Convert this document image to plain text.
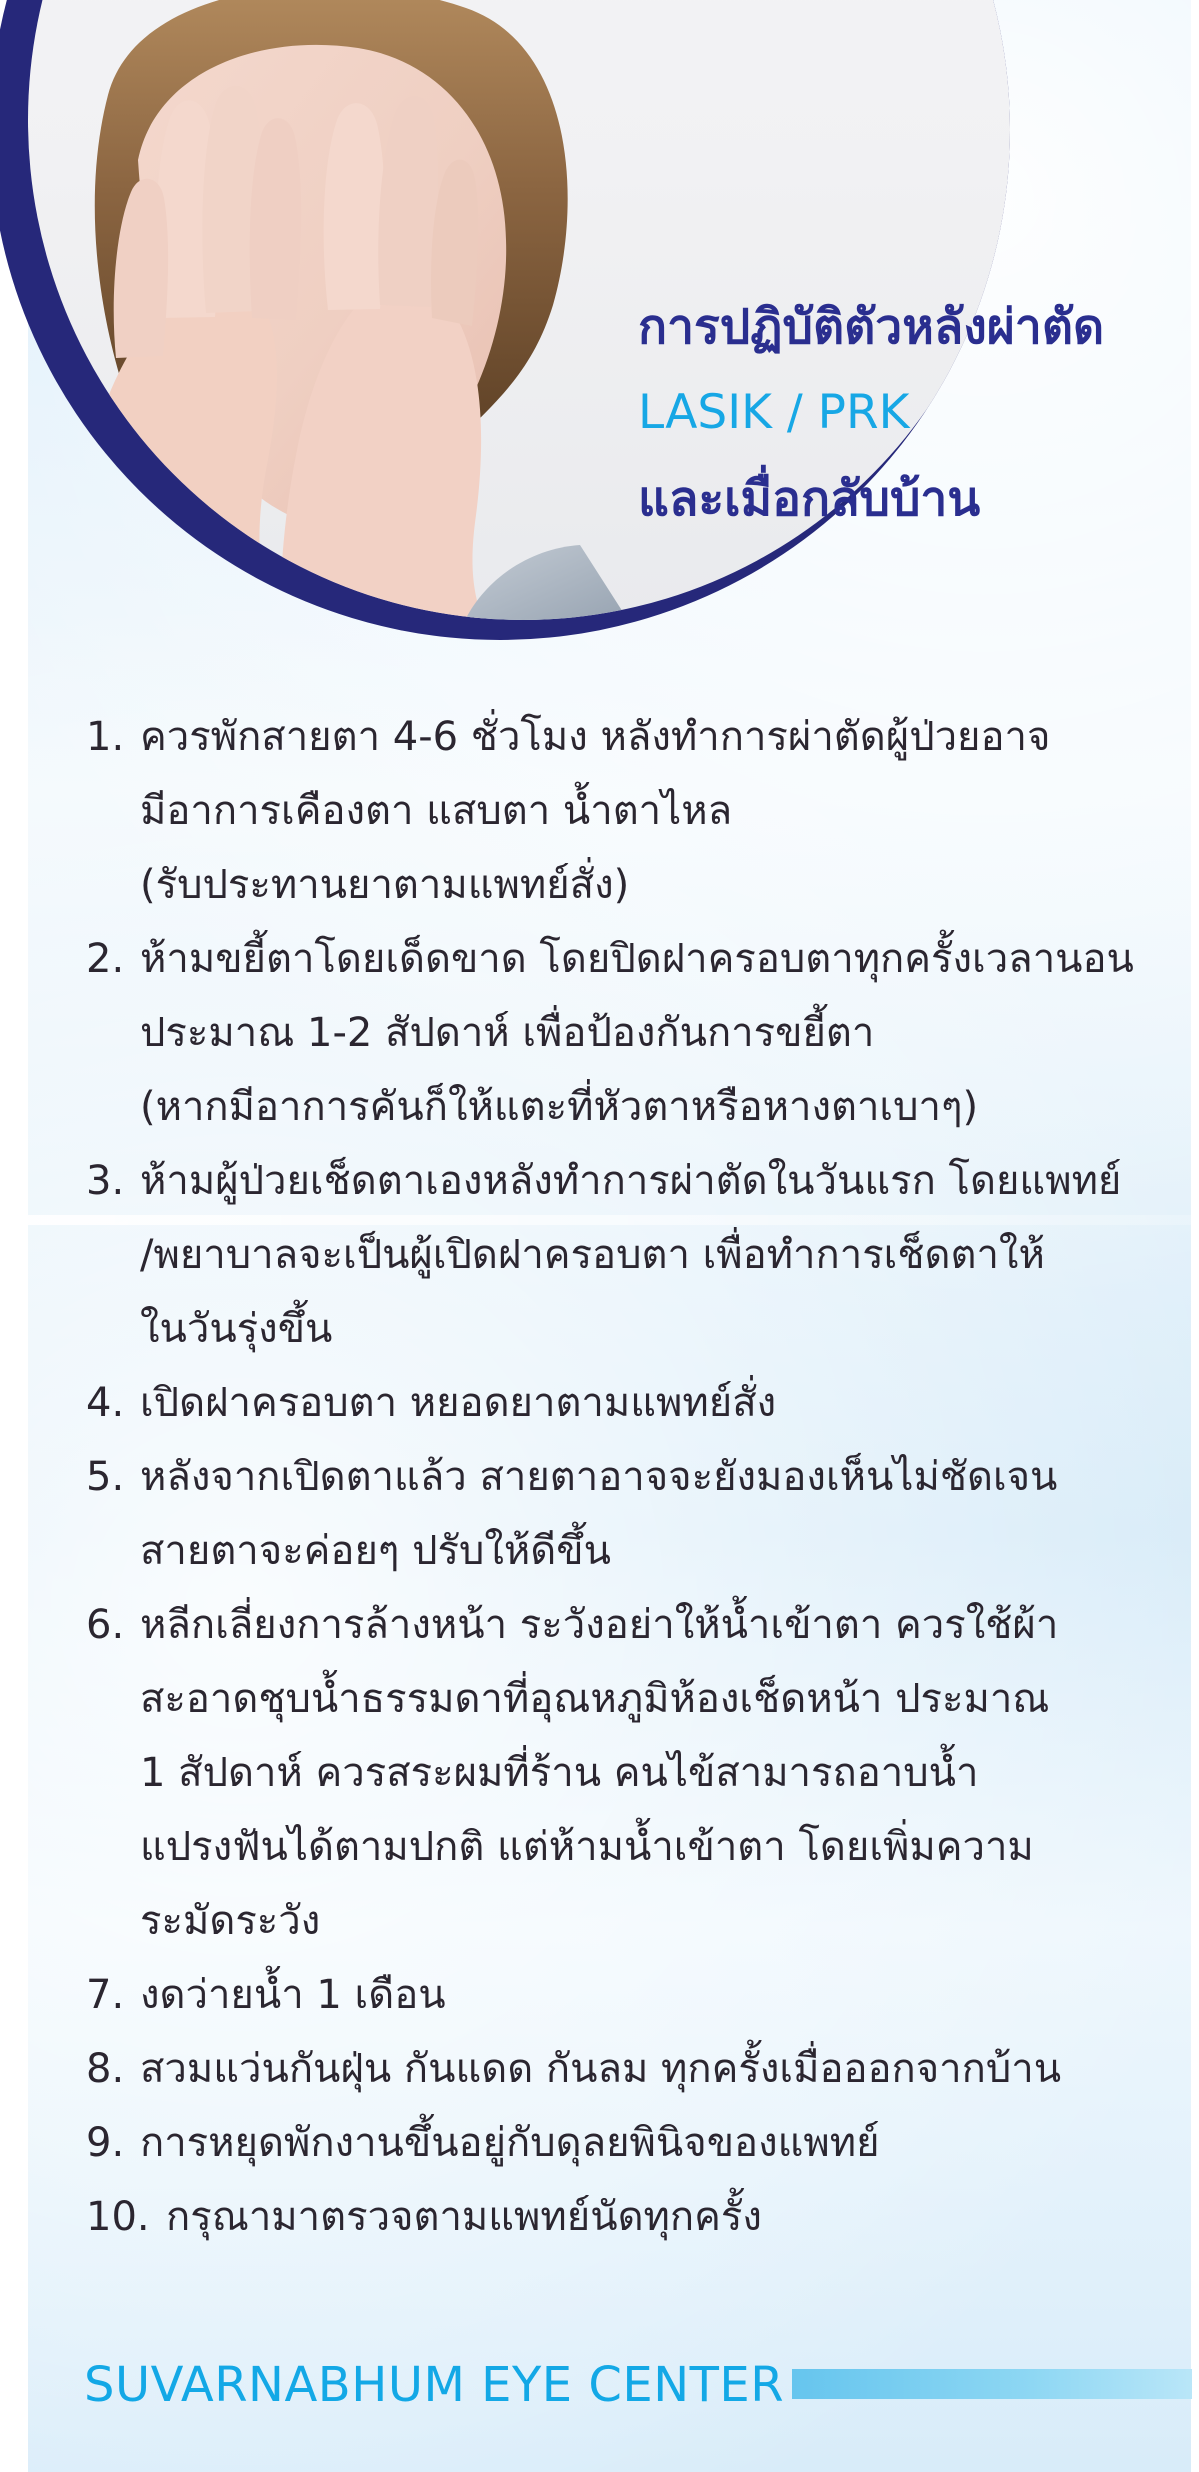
การปฏิบัติตัวหลังผ่าตัด
LASIK / PRK
และเมื่อกลับบ้าน
1. ควรพักสายตา 4-6 ชั่วโมง หลังทำการผ่าตัดผู้ป่วยอาจ
มีอาการเคืองตา แสบตา น้ำตาไหล
(รับประทานยาตามแพทย์สั่ง)
2. ห้ามขยี้ตาโดยเด็ดขาด โดยปิดฝาครอบตาทุกครั้งเวลานอน
ประมาณ 1-2 สัปดาห์ เพื่อป้องกันการขยี้ตา
(หากมีอาการคันก็ให้แตะที่หัวตาหรือหางตาเบาๆ)
3. ห้ามผู้ป่วยเช็ดตาเองหลังทำการผ่าตัดในวันแรก โดยแพทย์
/พยาบาลจะเป็นผู้เปิดฝาครอบตา เพื่อทำการเช็ดตาให้
ในวันรุ่งขึ้น
4. เปิดฝาครอบตา หยอดยาตามแพทย์สั่ง
5. หลังจากเปิดตาแล้ว สายตาอาจจะยังมองเห็นไม่ชัดเจน
สายตาจะค่อยๆ ปรับให้ดีขึ้น
6. หลีกเลี่ยงการล้างหน้า ระวังอย่าให้น้ำเข้าตา ควรใช้ผ้า
สะอาดชุบน้ำธรรมดาที่อุณหภูมิห้องเช็ดหน้า ประมาณ
1 สัปดาห์ ควรสระผมที่ร้าน คนไข้สามารถอาบน้ำ
แปรงฟันได้ตามปกติ แต่ห้ามน้ำเข้าตา โดยเพิ่มความ
ระมัดระวัง
7. งดว่ายน้ำ 1 เดือน
8. สวมแว่นกันฝุ่น กันแดด กันลม ทุกครั้งเมื่อออกจากบ้าน
9. การหยุดพักงานขึ้นอยู่กับดุลยพินิจของแพทย์
10. กรุณามาตรวจตามแพทย์นัดทุกครั้ง
SUVARNABHUM EYE CENTER
